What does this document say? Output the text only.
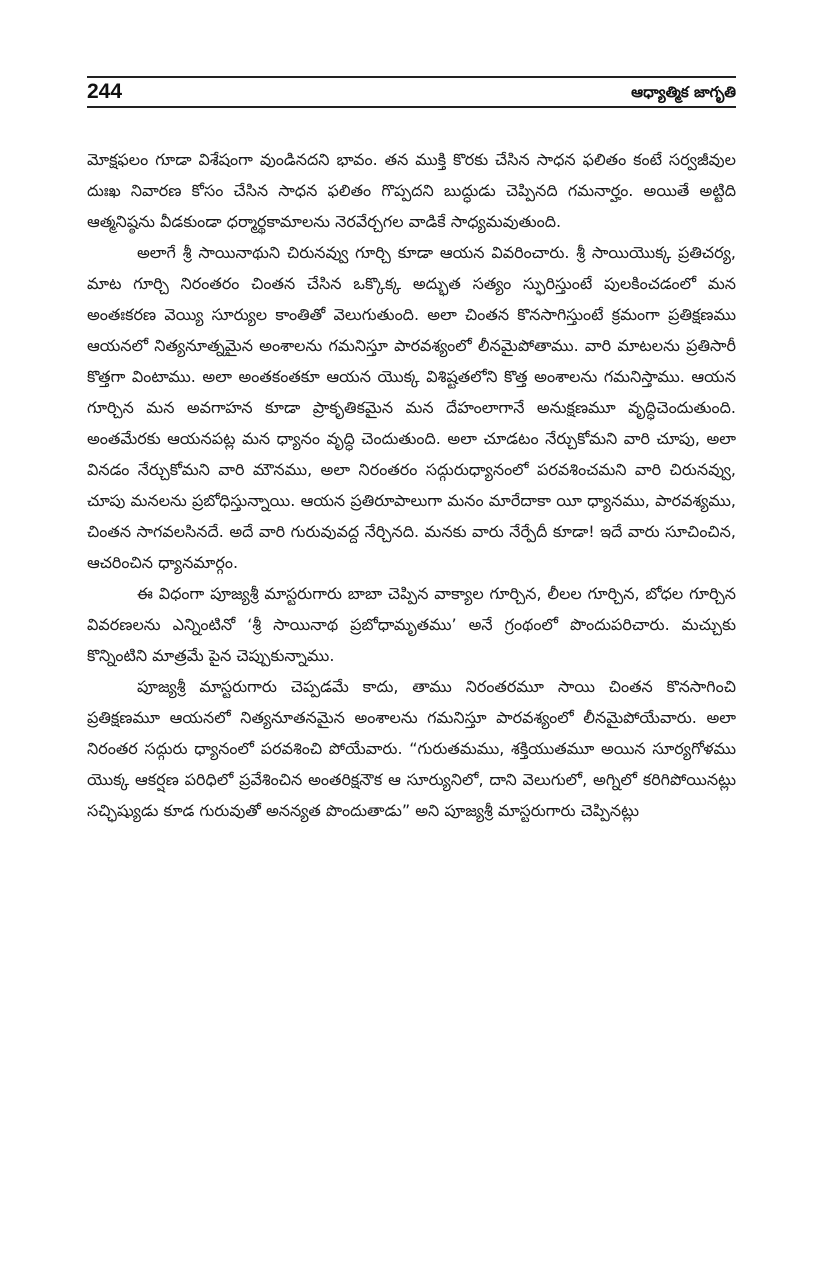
244	ఆధ్యాత్మిక జాగృతి

మోక్షఫలం గూడా విశేషంగా వుండినదని భావం. తన ముక్తి కొరకు చేసిన సాధన ఫలితం కంటే సర్వజీవుల దుఃఖ నివారణ కోసం చేసిన సాధన ఫలితం గొప్పదని బుద్ధుడు చెప్పినది గమనార్హం. అయితే అట్టిది ఆత్మనిష్ఠను వీడకుండా ధర్మార్థకామాలను నెరవేర్చగల వాడికే సాధ్యమవుతుంది.

అలాగే శ్రీ సాయినాథుని చిరునవ్వు గూర్చి కూడా ఆయన వివరించారు. శ్రీ సాయియొక్క ప్రతిచర్య, మాట గూర్చి నిరంతరం చింతన చేసిన ఒక్కొక్క అద్భుత సత్యం స్ఫురిస్తుంటే పులకించడంలో మన అంతఃకరణ వెయ్యి సూర్యుల కాంతితో వెలుగుతుంది. అలా చింతన కొనసాగిస్తుంటే క్రమంగా ప్రతిక్షణము ఆయనలో నిత్యనూత్నమైన అంశాలను గమనిస్తూ పారవశ్యంలో లీనమైపోతాము. వారి మాటలను ప్రతిసారీ కొత్తగా వింటాము. అలా అంతకంతకూ ఆయన యొక్క విశిష్టతలోని కొత్త అంశాలను గమనిస్తాము. ఆయన గూర్చిన మన అవగాహన కూడా ప్రాకృతికమైన మన దేహంలాగానే అనుక్షణమూ వృద్ధిచెందుతుంది. అంతమేరకు ఆయనపట్ల మన ధ్యానం వృద్ధి చెందుతుంది. అలా చూడటం నేర్చుకోమని వారి చూపు, అలా వినడం నేర్చుకోమని వారి మౌనము, అలా నిరంతరం సద్గురుధ్యానంలో పరవశించమని వారి చిరునవ్వు, చూపు మనలను ప్రబోధిస్తున్నాయి. ఆయన ప్రతిరూపాలుగా మనం మారేదాకా యీ ధ్యానము, పారవశ్యము, చింతన సాగవలసినదే. అదే వారి గురువువద్ద నేర్చినది. మనకు వారు నేర్పేదీ కూడా! ఇదే వారు సూచించిన, ఆచరించిన ధ్యానమార్గం.

ఈ విధంగా పూజ్యశ్రీ మాస్టరుగారు బాబా చెప్పిన వాక్యాల గూర్చిన, లీలల గూర్చిన, బోధల గూర్చిన వివరణలను ఎన్నింటినో ‘శ్రీ సాయినాథ ప్రబోధామృతము’ అనే గ్రంథంలో పొందుపరిచారు. మచ్చుకు కొన్నింటిని మాత్రమే పైన చెప్పుకున్నాము.

పూజ్యశ్రీ మాస్టరుగారు చెప్పడమే కాదు, తాము నిరంతరమూ సాయి చింతన కొనసాగించి ప్రతిక్షణమూ ఆయనలో నిత్యనూతనమైన అంశాలను గమనిస్తూ పారవశ్యంలో లీనమైపోయేవారు. అలా నిరంతర సద్గురు ధ్యానంలో పరవశించి పోయేవారు. “గురుతమము, శక్తియుతమూ అయిన సూర్యగోళము యొక్క ఆకర్షణ పరిధిలో ప్రవేశించిన అంతరిక్షనౌక ఆ సూర్యునిలో, దాని వెలుగులో, అగ్నిలో కరిగిపోయినట్లు సచ్ఛిష్యుడు కూడ గురువుతో అనన్యత పొందుతాడు” అని పూజ్యశ్రీ మాస్టరుగారు చెప్పినట్లు
